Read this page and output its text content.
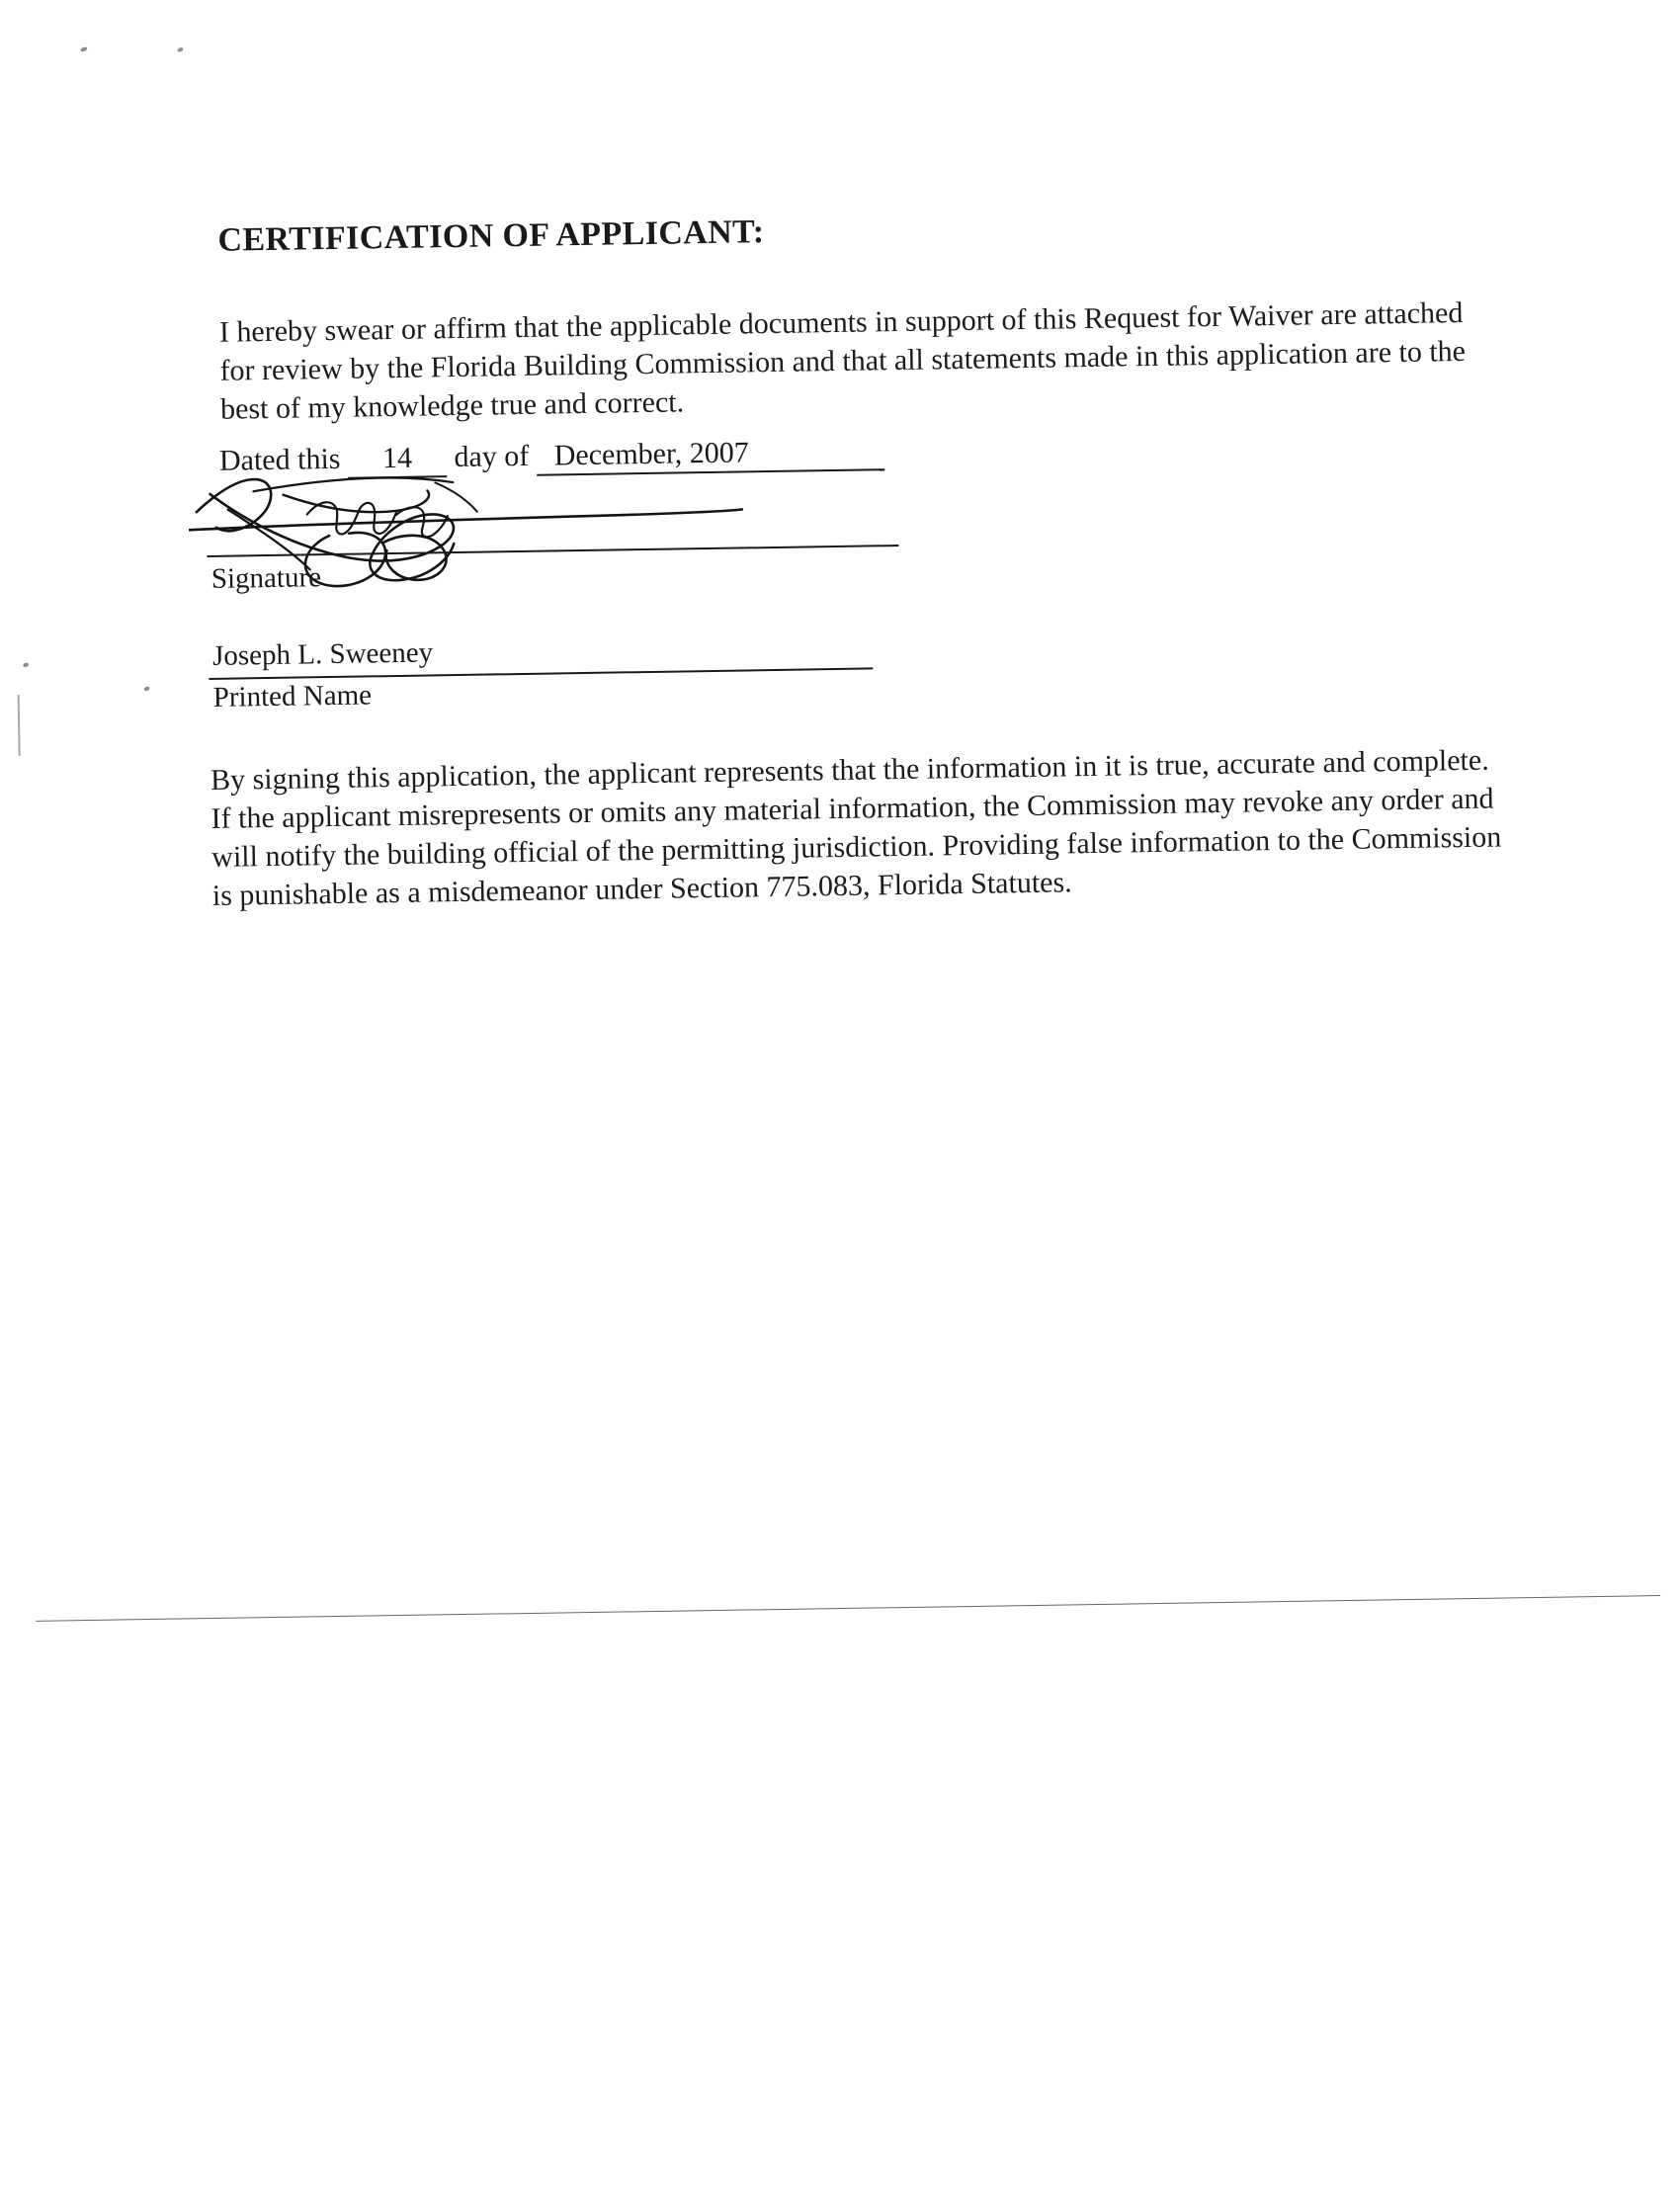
CERTIFICATION OF APPLICANT:

I hereby swear or affirm that the applicable documents in support of this Request for Waiver are attached for review by the Florida Building Commission and that all statements made in this application are to the best of my knowledge true and correct.

Dated this 14 day of December, 2007
Signature
Joseph L. Sweeney
Printed Name

By signing this application, the applicant represents that the information in it is true, accurate and complete. If the applicant misrepresents or omits any material information, the Commission may revoke any order and will notify the building official of the permitting jurisdiction. Providing false information to the Commission is punishable as a misdemeanor under Section 775.083, Florida Statutes.
